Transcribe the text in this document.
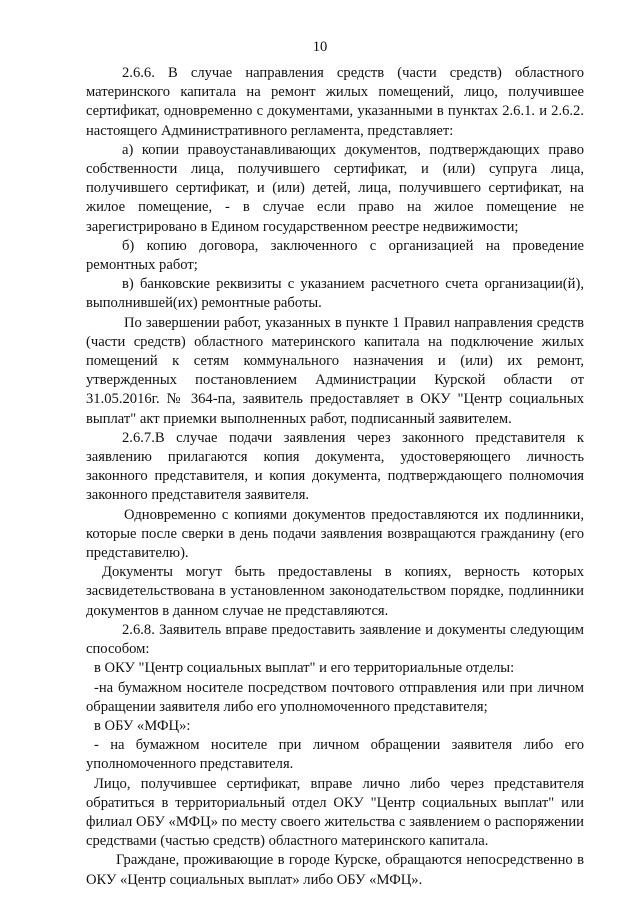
10

2.6.6. В случае направления средств (части средств) областного материнского капитала на ремонт жилых помещений, лицо, получившее сертификат, одновременно с документами, указанными в пунктах 2.6.1. и 2.6.2. настоящего Административного регламента, представляет:

а) копии правоустанавливающих документов, подтверждающих право собственности лица, получившего сертификат, и (или) супруга лица, получившего сертификат, и (или) детей, лица, получившего сертификат, на жилое помещение, - в случае если право на жилое помещение не зарегистрировано в Едином государственном реестре недвижимости;

б) копию договора, заключенного с организацией на проведение ремонтных работ;

в) банковские реквизиты с указанием расчетного счета организации(й), выполнившей(их) ремонтные работы.

По завершении работ, указанных в пункте 1 Правил направления средств (части средств) областного материнского капитала на подключение жилых помещений к сетям коммунального назначения и (или) их ремонт, утвержденных постановлением Администрации Курской области от 31.05.2016г. № 364-па, заявитель предоставляет в ОКУ "Центр социальных выплат" акт приемки выполненных работ, подписанный заявителем.

2.6.7.В случае подачи заявления через законного представителя к заявлению прилагаются копия документа, удостоверяющего личность законного представителя, и копия документа, подтверждающего полномочия законного представителя заявителя.

Одновременно с копиями документов предоставляются их подлинники, которые после сверки в день подачи заявления возвращаются гражданину (его представителю).

Документы могут быть предоставлены в копиях, верность которых засвидетельствована в установленном законодательством порядке, подлинники документов в данном случае не представляются.

2.6.8. Заявитель вправе предоставить заявление и документы следующим способом:

в ОКУ "Центр социальных выплат" и его территориальные отделы:

-на бумажном носителе посредством почтового отправления или при личном обращении заявителя либо его уполномоченного представителя;

в ОБУ «МФЦ»:

- на бумажном носителе при личном обращении заявителя либо его уполномоченного представителя.

Лицо, получившее сертификат, вправе лично либо через представителя обратиться в территориальный отдел ОКУ "Центр социальных выплат" или филиал ОБУ «МФЦ» по месту своего жительства с заявлением о распоряжении средствами (частью средств) областного материнского капитала.

Граждане, проживающие в городе Курске, обращаются непосредственно в ОКУ «Центр социальных выплат» либо ОБУ «МФЦ».
